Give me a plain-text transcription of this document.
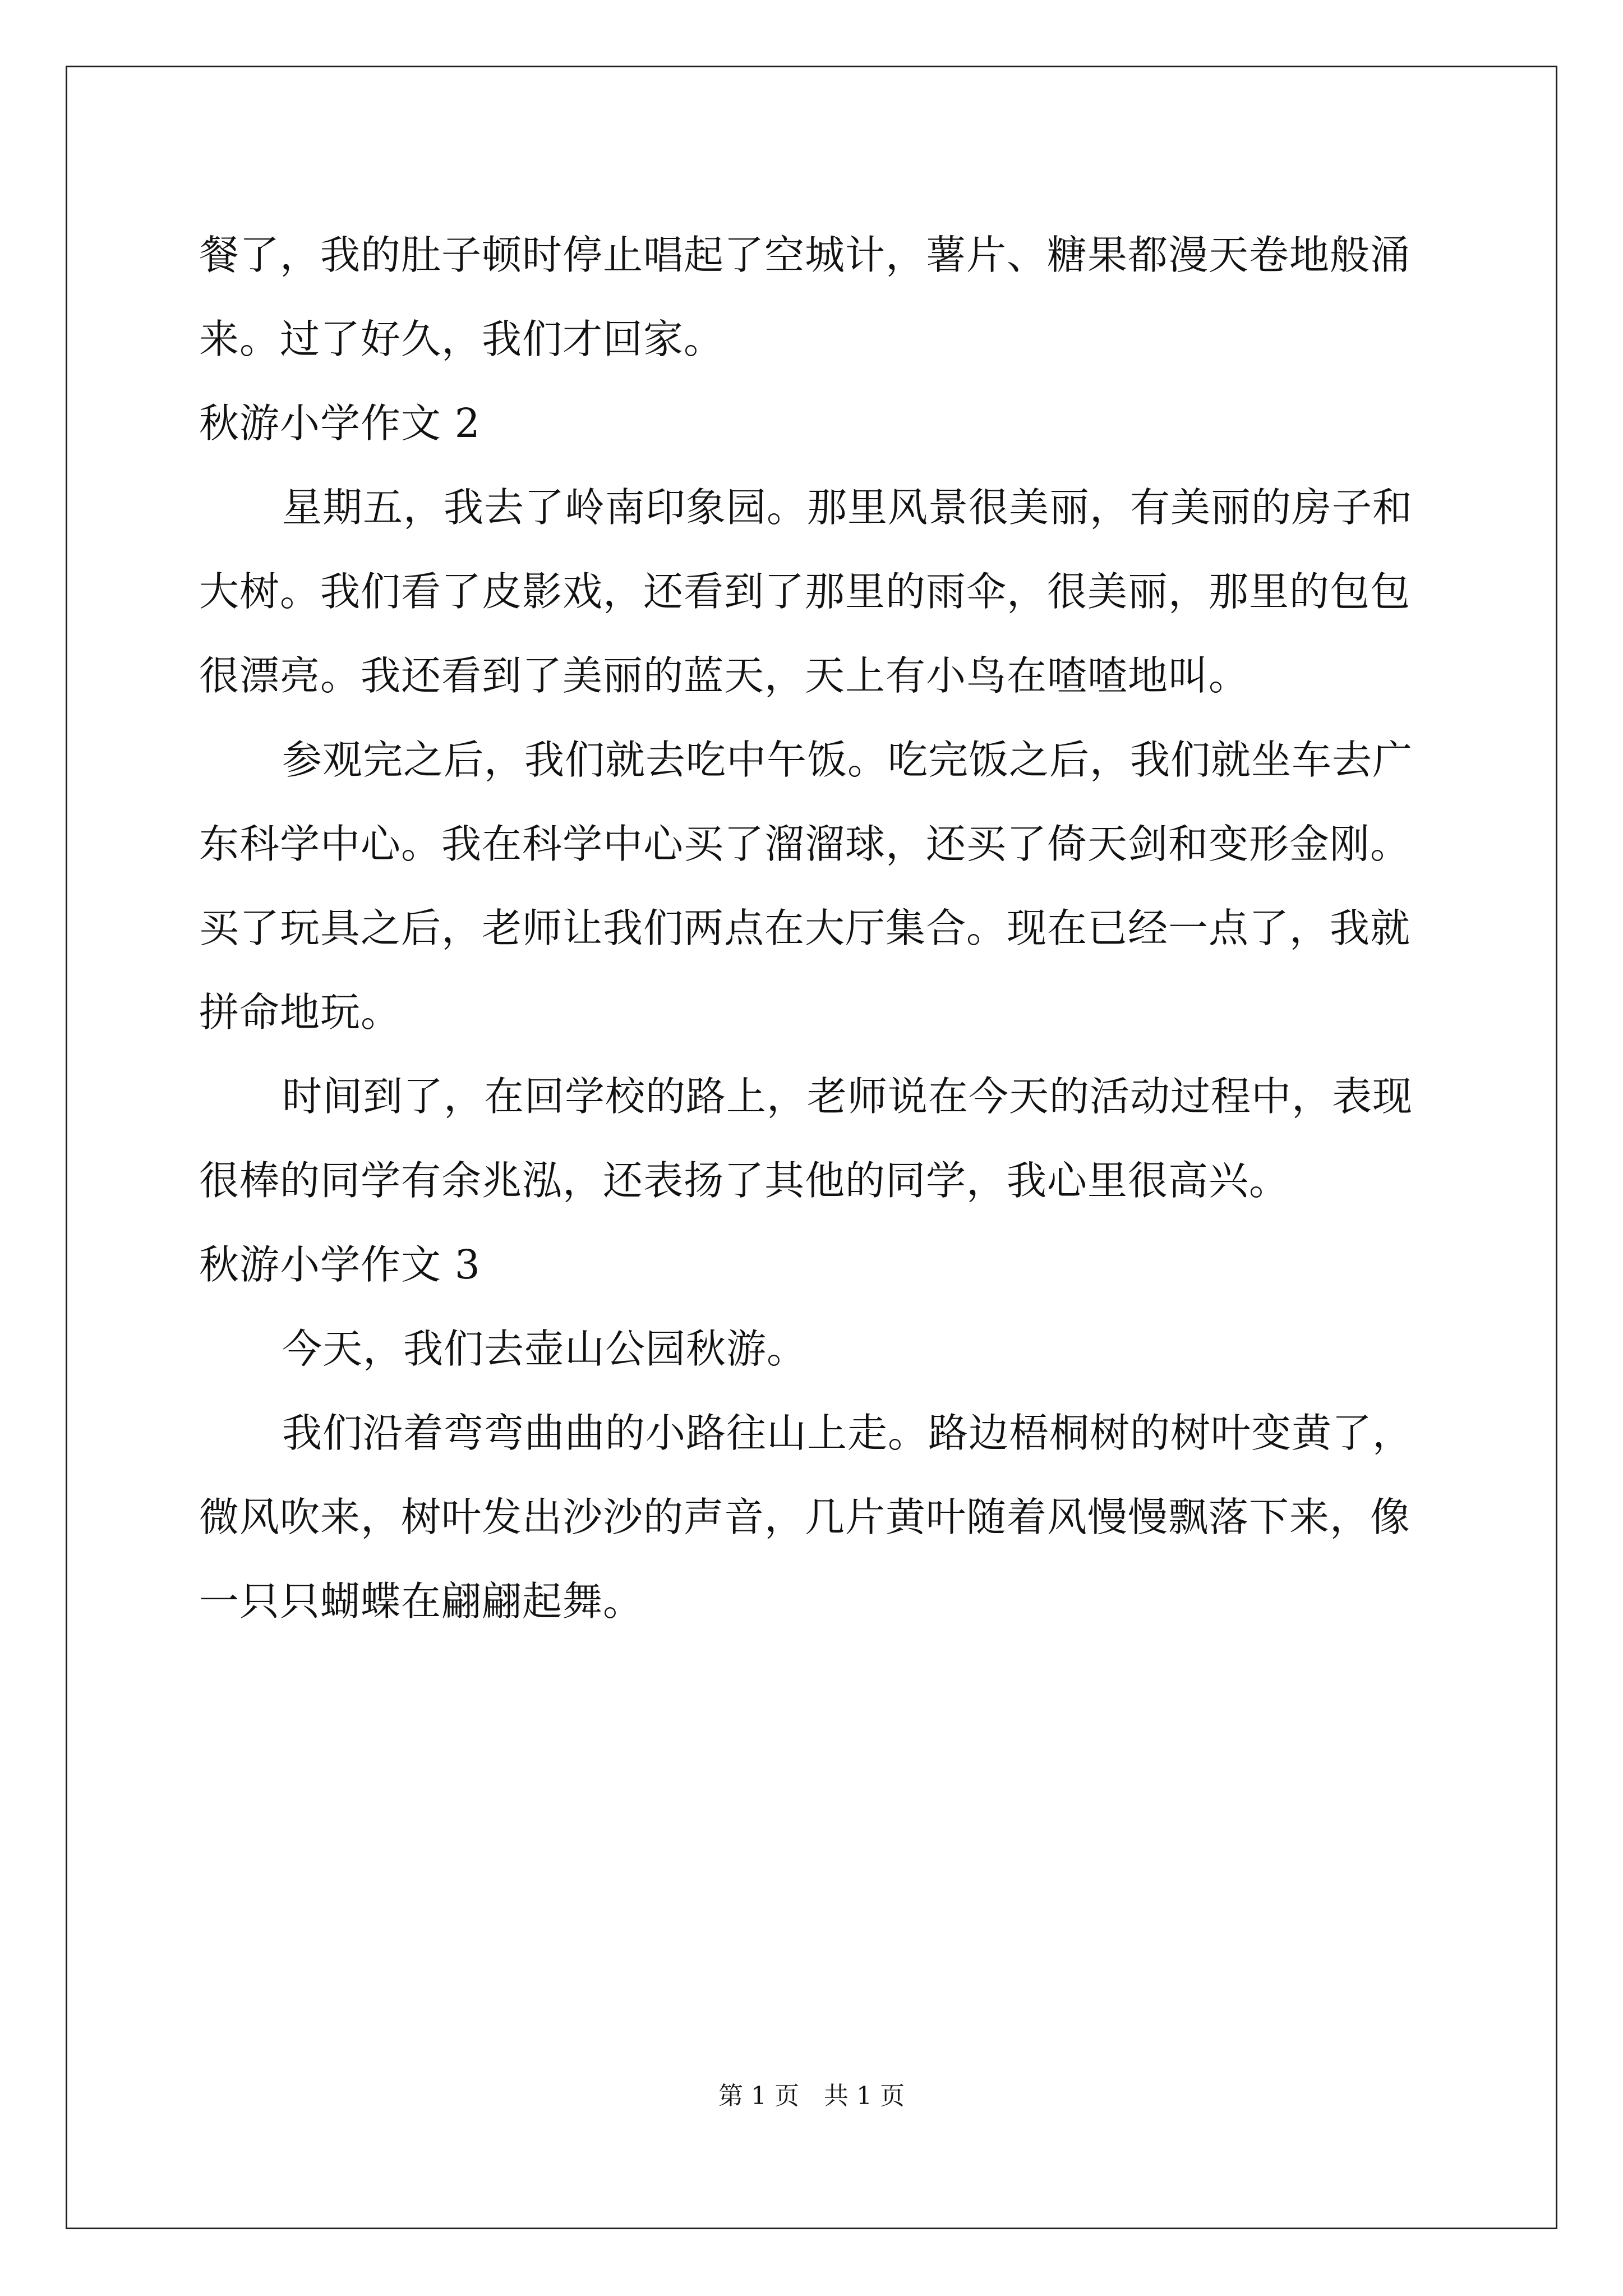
餐了，我的肚子顿时停止唱起了空城计，薯片、糖果都漫天卷地般涌
来。过了好久，我们才回家。
秋游小学作文 2
星期五，我去了岭南印象园。那里风景很美丽，有美丽的房子和
大树。我们看了皮影戏，还看到了那里的雨伞，很美丽，那里的包包
很漂亮。我还看到了美丽的蓝天，天上有小鸟在喳喳地叫。
参观完之后，我们就去吃中午饭。吃完饭之后，我们就坐车去广
东科学中心。我在科学中心买了溜溜球，还买了倚天剑和变形金刚。
买了玩具之后，老师让我们两点在大厅集合。现在已经一点了，我就
拼命地玩。
时间到了，在回学校的路上，老师说在今天的活动过程中，表现
很棒的同学有余兆泓，还表扬了其他的同学，我心里很高兴。
秋游小学作文 3
今天，我们去壶山公园秋游。
我们沿着弯弯曲曲的小路往山上走。路边梧桐树的树叶变黄了，
微风吹来，树叶发出沙沙的声音，几片黄叶随着风慢慢飘落下来，像
一只只蝴蝶在翩翩起舞。
第 1 页　共 1 页
